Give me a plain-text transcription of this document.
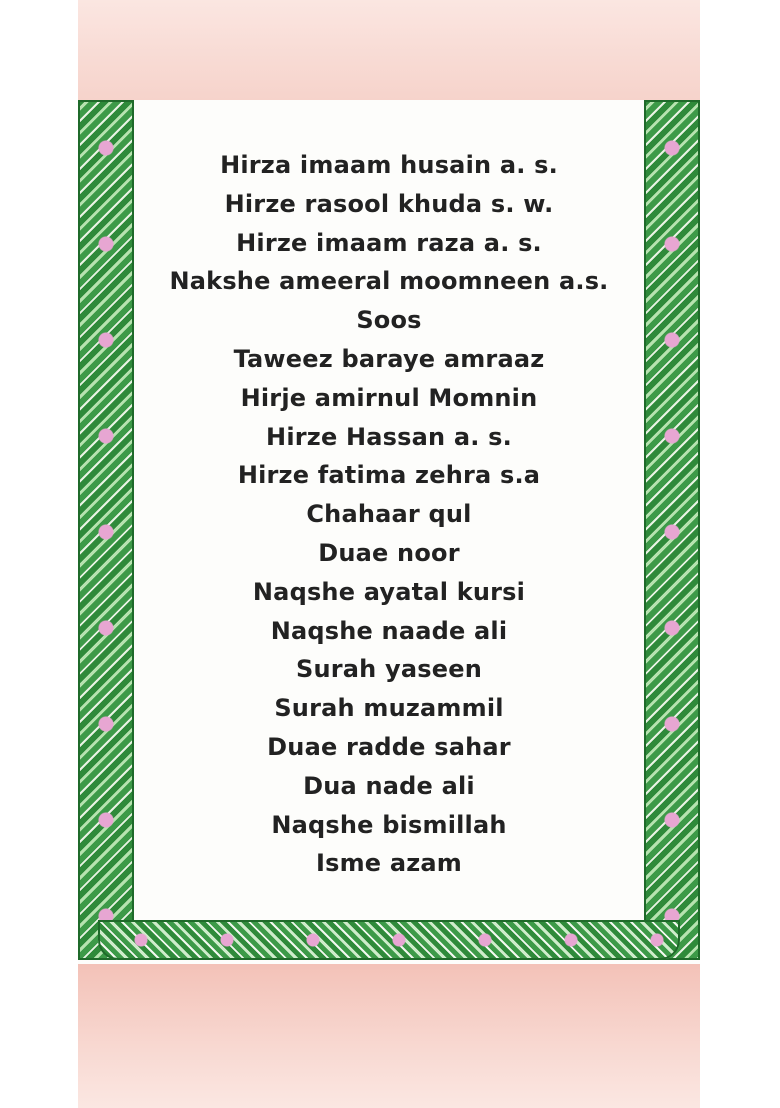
Hirza imaam husain a. s.
Hirze rasool khuda s. w.
Hirze imaam raza a. s.
Nakshe ameeral moomneen a.s.
Soos
Taweez baraye amraaz
Hirje amirnul Momnin
Hirze Hassan a. s.
Hirze fatima zehra s.a
Chahaar qul
Duae noor
Naqshe ayatal kursi
Naqshe naade ali
Surah yaseen
Surah muzammil
Duae radde sahar
Dua nade ali
Naqshe bismillah
Isme azam
